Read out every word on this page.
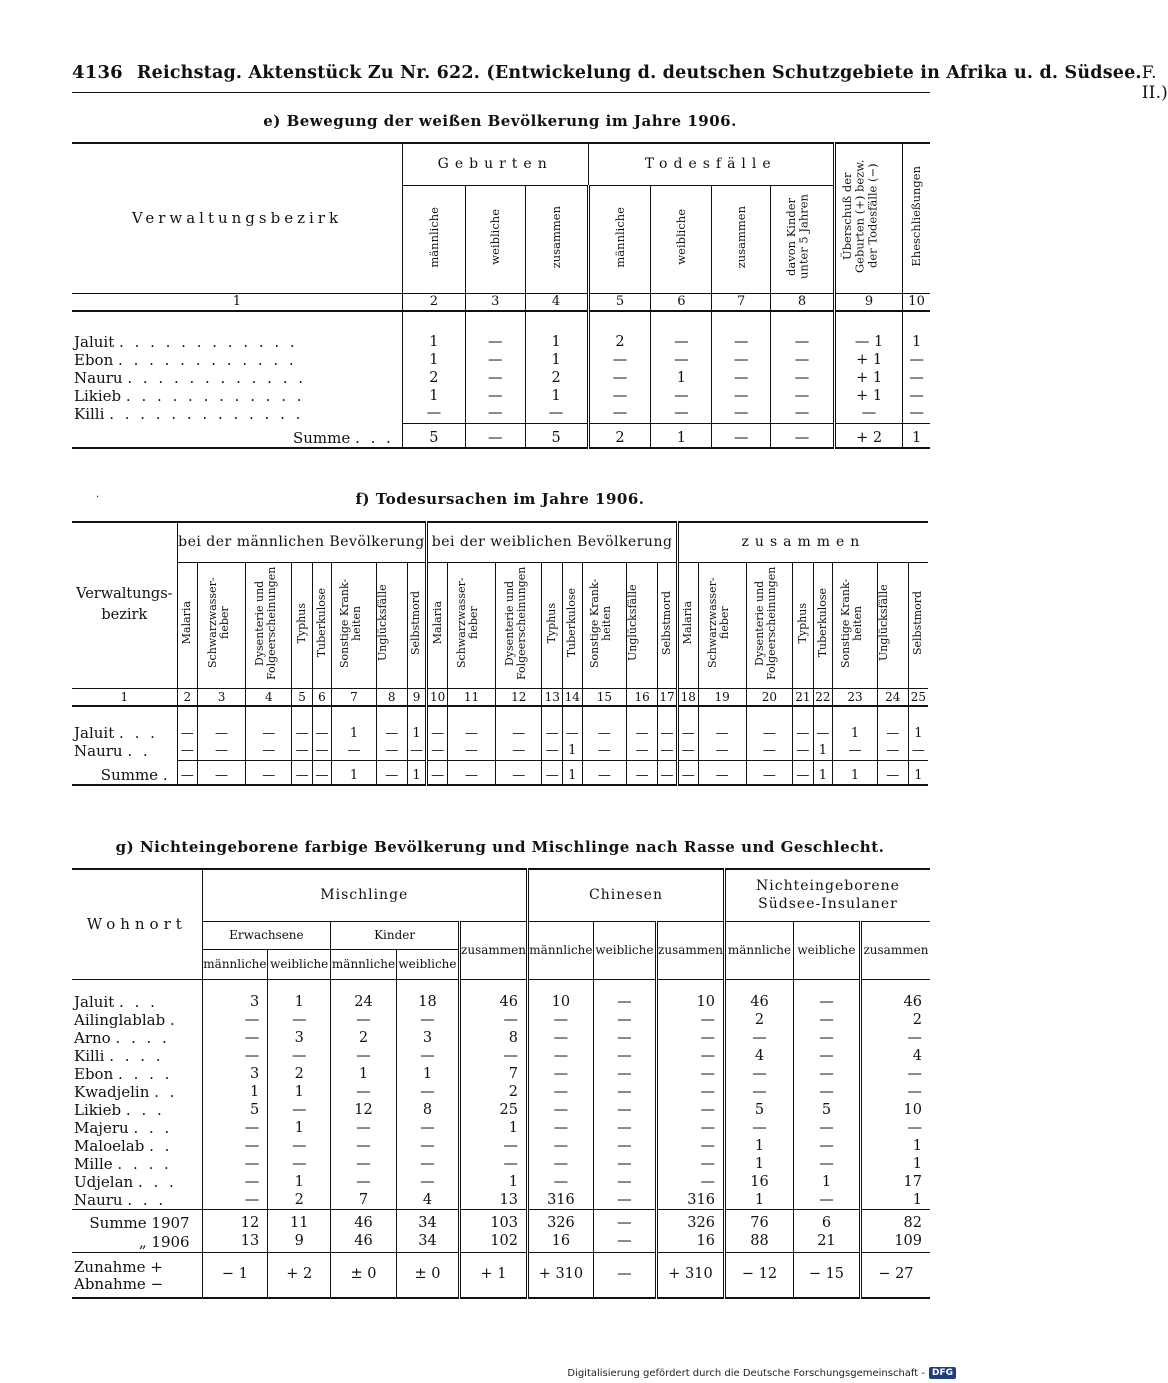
4136 Reichstag. Aktenstück Zu Nr. 622. (Entwickelung d. deutschen Schutzgebiete in Afrika u. d. Südsee. F. II.)
e) Bewegung der weißen Bevölkerung im Jahre 1906.
Verwaltungsbezirk	Geburten			Todesfälle				Überschuß der Geburten (+) bezw. der Todesfälle (−)	Eheschließungen
	männliche	weibliche	zusammen	männliche	weibliche	zusammen	davon Kinder unter 5 Jahren		
1	2	3	4	5	6	7	8	9	10

Jaluit . . . . . . . . . . . .	1	—	1	2	—	—	—	— 1	1
Ebon . . . . . . . . . . . .	1	—	1	—	—	—	—	+ 1	—
Nauru . . . . . . . . . . . .	2	—	2	—	1	—	—	+ 1	—
Likieb . . . . . . . . . . . .	1	—	1	—	—	—	—	+ 1	—
Killi . . . . . . . . . . . . .	—	—	—	—	—	—	—	—	—
Summe . . .	5	—	5	2	1	—	—	+ 2	1
·	f) Todesursachen im Jahre 1906.
Verwaltungs-bezirk	bei der männlichen Bevölkerung								bei der weiblichen Bevölkerung								zusammen							
	Malaria	Schwarzwasser-fieber	Dysenterie und Folgeerscheinungen	Typhus	Tuberkulose	Sonstige Krank-heiten	Unglücksfälle	Selbstmord	Malaria	Schwarzwasser-fieber	Dysenterie und Folgeerscheinungen	Typhus	Tuberkulose	Sonstige Krank-heiten	Unglücksfälle	Selbstmord	Malaria	Schwarzwasser-fieber	Dysenterie und Folgeerscheinungen	Typhus	Tuberkulose	Sonstige Krank-heiten	Unglücksfälle	Selbstmord
1	2	3	4	5	6	7	8	9	10	11	12	13	14	15	16	17	18	19	20	21	22	23	24	25

Jaluit . . .	—	—	—	—	—	1	—	1	—	—	—	—	—	—	—	—	—	—	—	—	—	1	—	1
Nauru . .	—	—	—	—	—	—	—	—	—	—	—	—	1	—	—	—	—	—	—	—	1	—	—	—
Summe .	—	—	—	—	—	1	—	1	—	—	—	—	1	—	—	—	—	—	—	—	1	1	—	1
g) Nichteingeborene farbige Bevölkerung und Mischlinge nach Rasse und Geschlecht.
Wohnort	Mischlinge					Chinesen			Nichteingeborene Südsee-Insulaner		
	Erwachsene		Kinder		zusammen	männliche	weibliche	zusammen	männliche	weibliche	zusammen
	männliche	weibliche	männliche	weibliche							

Jaluit . . .	3	1	24	18	46	10	—	10	46	—	46
Ailinglablab .	—	—	—	—	—	—	—	—	2	—	2
Arno . . . .	—	3	2	3	8	—	—	—	—	—	—
Killi . . . .	—	—	—	—	—	—	—	—	4	—	4
Ebon . . . .	3	2	1	1	7	—	—	—	—	—	—
Kwadjelin . .	1	1	—	—	2	—	—	—	—	—	—
Likieb . . .	5	—	12	8	25	—	—	—	5	5	10
Majeru . . .	—	1	—	—	1	—	—	—	—	—	—
Maloelab . .	—	—	—	—	—	—	—	—	1	—	1
Mille . . . .	—	—	—	—	—	—	—	—	1	—	1
Udjelan . . .	—	1	—	—	1	—	—	—	16	1	17
Nauru . . .	—	2	7	4	13	316	—	316	1	—	1
Summe 1907	12	11	46	34	103	326	—	326	76	6	82
„ 1906	13	9	46	34	102	16	—	16	88	21	109

Zunahme +
Abnahme −	− 1	+ 2	± 0	± 0	+ 1	+ 310	—	+ 310	− 12	− 15	− 27
Digitalisierung gefördert durch die Deutsche Forschungsgemeinschaft - DFG
